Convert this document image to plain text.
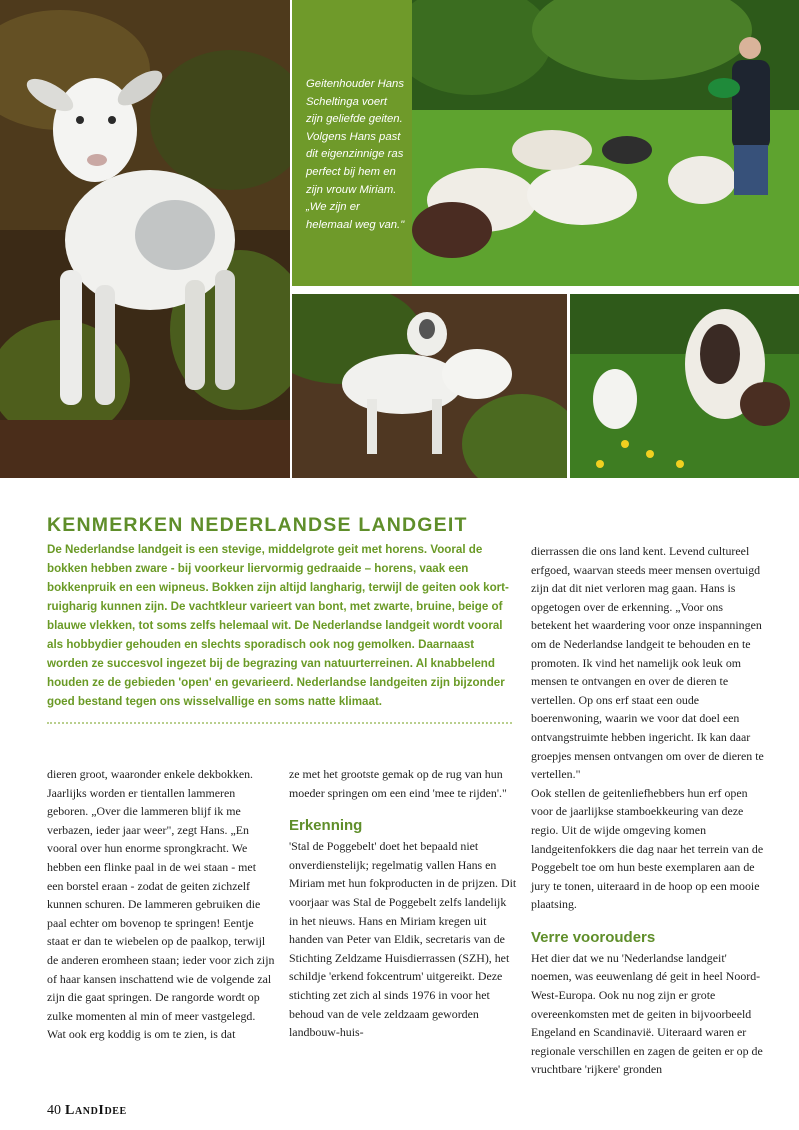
Geitenhouder Hans Scheltinga voert zijn geliefde geiten. Volgens Hans past dit eigenzinnige ras perfect bij hem en zijn vrouw Miriam. „We zijn er helemaal weg van."

KENMERKEN NEDERLANDSE LANDGEIT

De Nederlandse landgeit is een stevige, middelgrote geit met horens. Vooral de bokken hebben zware - bij voorkeur liervormig gedraaide – horens, vaak een bokkenpruik en een wipneus. Bokken zijn altijd langharig, terwijl de geiten ook kort-ruigharig kunnen zijn. De vachtkleur varieert van bont, met zwarte, bruine, beige of blauwe vlekken, tot soms zelfs helemaal wit. De Nederlandse landgeit wordt vooral als hobbydier gehouden en slechts sporadisch ook nog gemolken. Daarnaast worden ze succesvol ingezet bij de begrazing van natuurterreinen. Al knabbelend houden ze de gebieden 'open' en gevarieerd. Nederlandse landgeiten zijn bijzonder goed bestand tegen ons wisselvallige en soms natte klimaat.

dieren groot, waaronder enkele dekbokken. Jaarlijks worden er tientallen lammeren geboren. „Over die lammeren blijf ik me verbazen, ieder jaar weer", zegt Hans. „En vooral over hun enorme sprongkracht. We hebben een flinke paal in de wei staan - met een borstel eraan - zodat de geiten zichzelf kunnen schuren. De lammeren gebruiken die paal echter om bovenop te springen! Eentje staat er dan te wiebelen op de paalkop, terwijl de anderen eromheen staan; ieder voor zich zijn of haar kansen inschattend wie de volgende zal zijn die gaat springen. De rangorde wordt op zulke momenten al min of meer vastgelegd.

Wat ook erg koddig is om te zien, is dat

ze met het grootste gemak op de rug van hun moeder springen om een eind 'mee te rijden'."

Erkenning

'Stal de Poggebelt' doet het bepaald niet onverdienstelijk; regelmatig vallen Hans en Miriam met hun fokproducten in de prijzen. Dit voorjaar was Stal de Poggebelt zelfs landelijk in het nieuws. Hans en Miriam kregen uit handen van Peter van Eldik, secretaris van de Stichting Zeldzame Huisdierrassen (SZH), het schildje 'erkend fokcentrum' uitgereikt. Deze stichting zet zich al sinds 1976 in voor het behoud van de vele zeldzaam geworden landbouw-huis-

dierrassen die ons land kent. Levend cultureel erfgoed, waarvan steeds meer mensen overtuigd zijn dat dit niet verloren mag gaan. Hans is opgetogen over de erkenning. „Voor ons betekent het waardering voor onze inspanningen om de Nederlandse landgeit te behouden en te promoten. Ik vind het namelijk ook leuk om mensen te ontvangen en over de dieren te vertellen. Op ons erf staat een oude boerenwoning, waarin we voor dat doel een ontvangstruimte hebben ingericht. Ik kan daar groepjes mensen ontvangen om over de dieren te vertellen."

Ook stellen de geitenliefhebbers hun erf open voor de jaarlijkse stamboekkeuring van deze regio. Uit de wijde omgeving komen landgeitenfokkers die dag naar het terrein van de Poggebelt toe om hun beste exemplaren aan de jury te tonen, uiteraard in de hoop op een mooie plaatsing.

Verre voorouders

Het dier dat we nu 'Nederlandse landgeit' noemen, was eeuwenlang dé geit in heel Noord-West-Europa. Ook nu nog zijn er grote overeenkomsten met de geiten in bijvoorbeeld Engeland en Scandinavië. Uiteraard waren er regionale verschillen en zagen de geiten er op de vruchtbare 'rijkere' gronden

40 LandIdee
